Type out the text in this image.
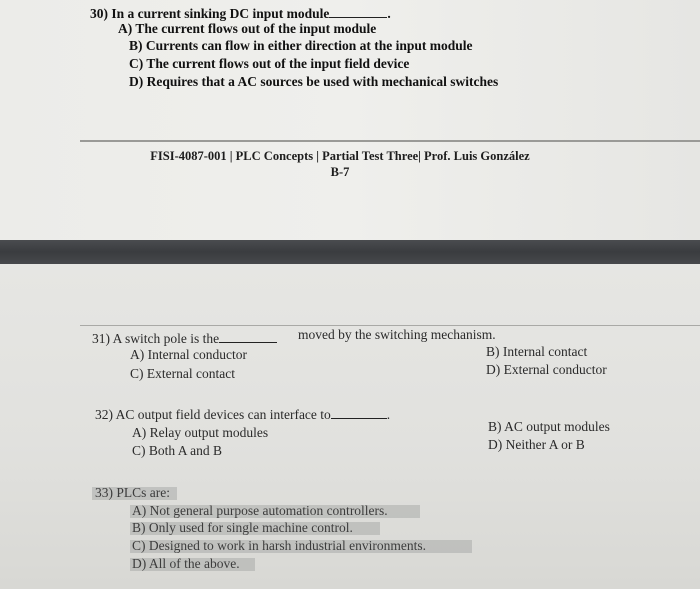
30) In a current sinking DC input module	.
A) The current flows out of the input module
B) Currents can flow in either direction at the input module
C) The current flows out of the input field device
D) Requires that a AC sources be used with mechanical switches
FISI-4087-001 | PLC Concepts | Partial Test Three| Prof. Luis González
B-7
31) A switch pole is the	moved by the switching mechanism.
A) Internal conductor	B) Internal contact
C) External contact	D) External conductor
32) AC output field devices can interface to	.
A) Relay output modules	B) AC output modules
C) Both A and B	D) Neither A or B
33) PLCs are:
A) Not general purpose automation controllers.
B) Only used for single machine control.
C) Designed to work in harsh industrial environments.
D) All of the above.
